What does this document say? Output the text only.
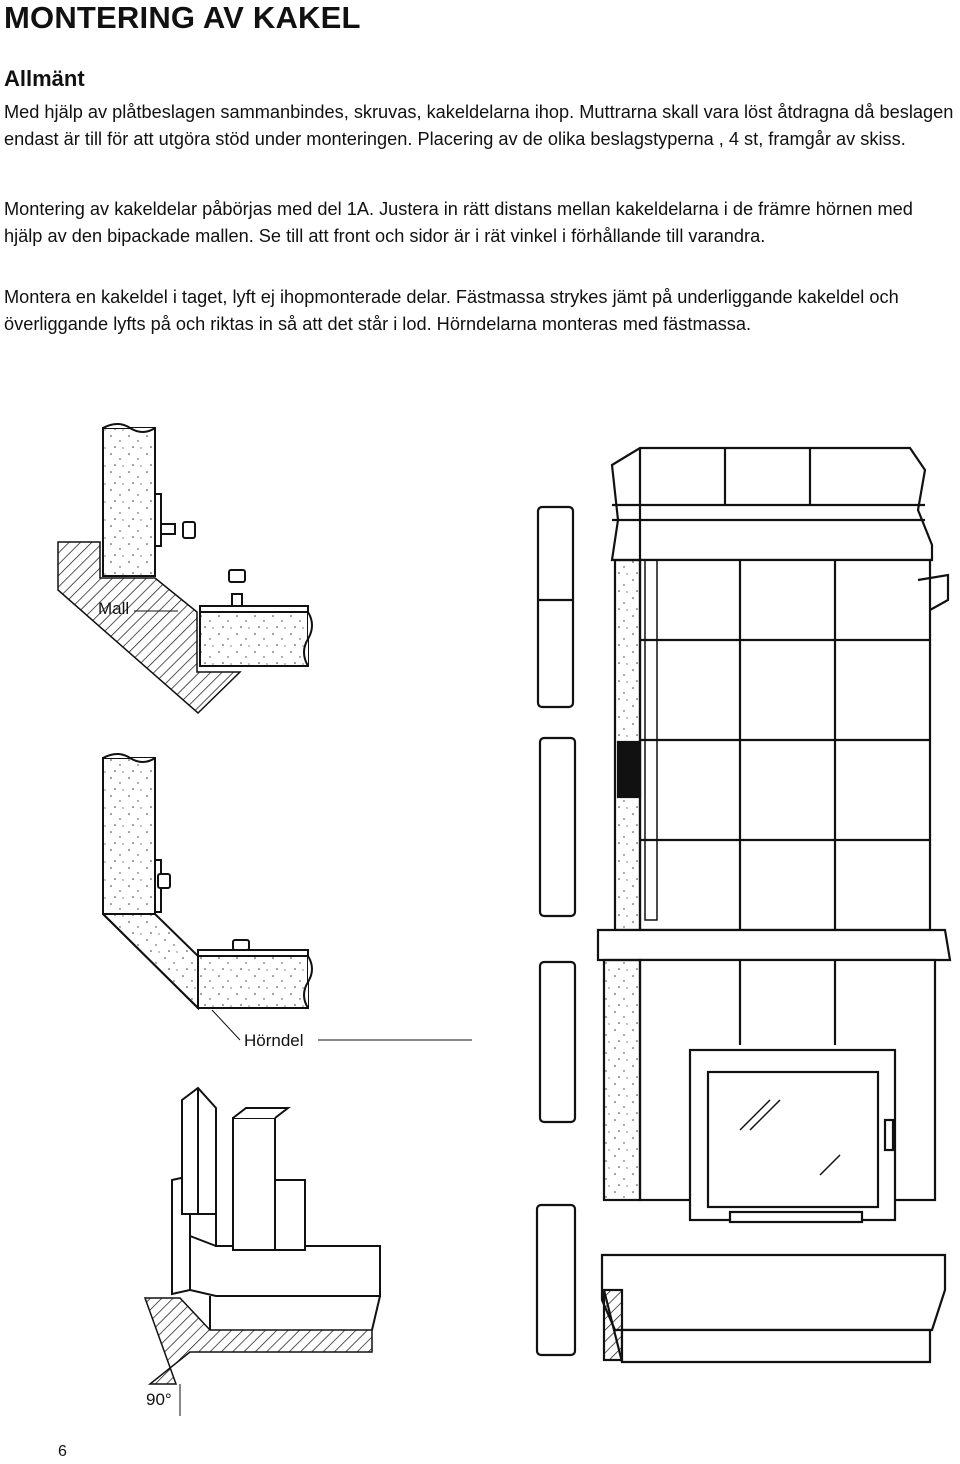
MONTERING AV KAKEL
Allmänt

Med hjälp av plåtbeslagen sammanbindes, skruvas, kakeldelarna ihop. Muttrarna skall vara löst åtdragna då beslagen endast är till för att utgöra stöd under monteringen. Placering av de olika beslagstyperna , 4 st, framgår av skiss.

Montering av kakeldelar påbörjas med del 1A. Justera in rätt distans mellan kakeldelarna i de främre hörnen med hjälp av den bipackade mallen. Se till att front och sidor är i rät vinkel i förhållande till varandra.

Montera en kakeldel i taget, lyft ej ihopmonterade delar. Fästmassa strykes jämt på underliggande kakeldel och överliggande lyfts på och riktas in så att det står i lod. Hörndelarna monteras med fästmassa.

Mall
Hörndel
90°
6
